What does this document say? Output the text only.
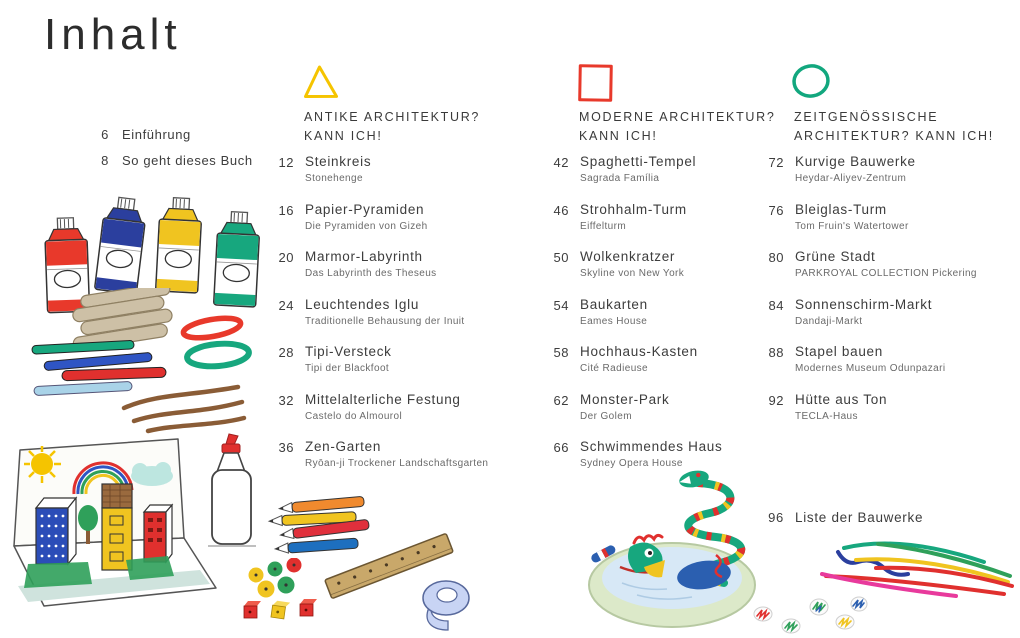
Inhalt
6 Einführung
8 So geht dieses Buch
ANTIKE ARCHITEKTUR?
KANN ICH!
12 Steinkreis
Stonehenge
16 Papier-Pyramiden
Die Pyramiden von Gizeh
20 Marmor-Labyrinth
Das Labyrinth des Theseus
24 Leuchtendes Iglu
Traditionelle Behausung der Inuit
28 Tipi-Versteck
Tipi der Blackfoot
32 Mittelalterliche Festung
Castelo do Almourol
36 Zen-Garten
Ryōan-ji Trockener Landschaftsgarten
MODERNE ARCHITEKTUR?
KANN ICH!
42 Spaghetti-Tempel
Sagrada Família
46 Strohhalm-Turm
Eiffelturm
50 Wolkenkratzer
Skyline von New York
54 Baukarten
Eames House
58 Hochhaus-Kasten
Cité Radieuse
62 Monster-Park
Der Golem
66 Schwimmendes Haus
Sydney Opera House
ZEITGENÖSSISCHE
ARCHITEKTUR? KANN ICH!
72 Kurvige Bauwerke
Heydar-Aliyev-Zentrum
76 Bleiglas-Turm
Tom Fruin's Watertower
80 Grüne Stadt
PARKROYAL COLLECTION Pickering
84 Sonnenschirm-Markt
Dandaji-Markt
88 Stapel bauen
Modernes Museum Odunpazari
92 Hütte aus Ton
TECLA-Haus
96 Liste der Bauwerke
